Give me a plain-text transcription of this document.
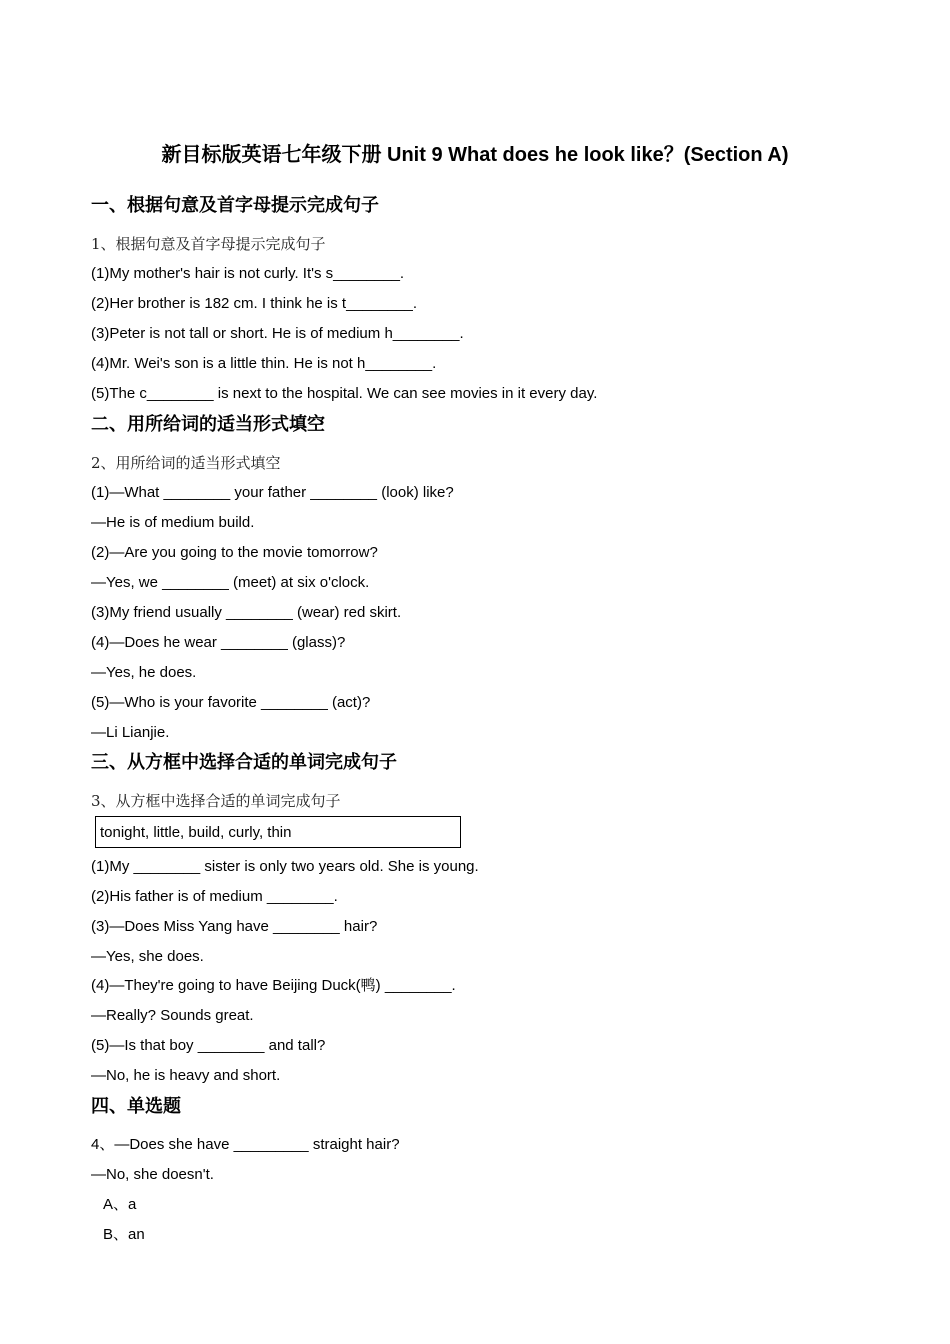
新目标版英语七年级下册 Unit 9 What does he look like？(Section A)
一、根据句意及首字母提示完成句子
1、根据句意及首字母提示完成句子
(1)My mother's hair is not curly. It's s________.
(2)Her brother is 182 cm. I think he is t________.
(3)Peter is not tall or short. He is of medium h________.
(4)Mr. Wei's son is a little thin. He is not h________.
(5)The c________ is next to the hospital. We can see movies in it every day.
二、用所给词的适当形式填空
2、用所给词的适当形式填空
(1)—What ________ your father ________ (look) like?
—He is of medium build.
(2)—Are you going to the movie tomorrow?
—Yes, we ________ (meet) at six o'clock.
(3)My friend usually ________ (wear) red skirt.
(4)—Does he wear ________ (glass)?
—Yes, he does.
(5)—Who is your favorite ________ (act)?
—Li Lianjie.
三、从方框中选择合适的单词完成句子
3、从方框中选择合适的单词完成句子
tonight, little, build, curly, thin
(1)My ________ sister is only two years old. She is young.
(2)His father is of medium ________.
(3)—Does Miss Yang have ________ hair?
—Yes, she does.
(4)—They're going to have Beijing Duck(鸭) ________.
—Really? Sounds great.
(5)—Is that boy ________ and tall?
—No, he is heavy and short.
四、单选题
4、—Does she have _________ straight hair?
—No, she doesn't.
A、a
B、an
